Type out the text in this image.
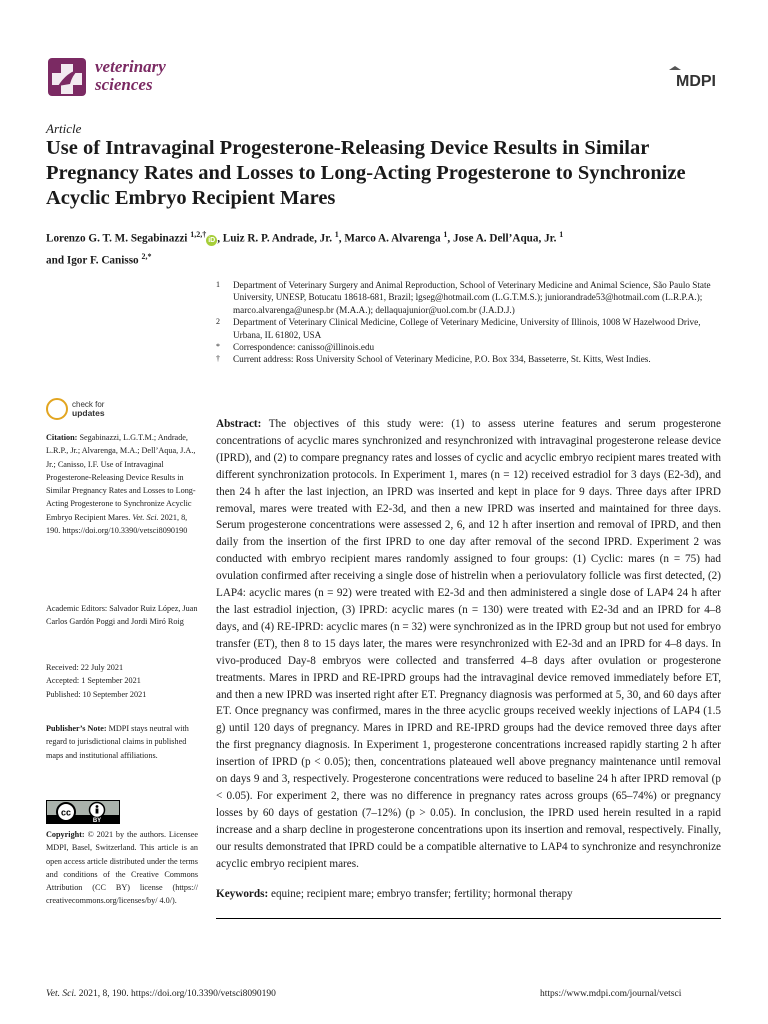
veterinary
sciences	MDPI
Article
Use of Intravaginal Progesterone-Releasing Device Results in Similar Pregnancy Rates and Losses to Long-Acting Progesterone to Synchronize Acyclic Embryo Recipient Mares
Lorenzo G. T. M. Segabinazzi $^{1,2,\dagger}$iD , Luiz R. P. Andrade, Jr. $^1$, Marco A. Alvarenga $^1$, Jose A. Dell’Aqua, Jr. $^1$
and Igor F. Canisso $^{2,*}$
1	Department of Veterinary Surgery and Animal Reproduction, School of Veterinary Medicine and Animal Science, São Paulo State University, UNESP, Botucatu 18618-681, Brazil; lgseg@hotmail.com (L.G.T.M.S.); juniorandrade53@hotmail.com (L.R.P.A.); marco.alvarenga@unesp.br (M.A.A.); dellaquajunior@uol.com.br (J.A.D.J.)
2	Department of Veterinary Clinical Medicine, College of Veterinary Medicine, University of Illinois, 1008 W Hazelwood Drive, Urbana, IL 61802, USA
*	Correspondence: canisso@illinois.edu
†	Current address: Ross University School of Veterinary Medicine, P.O. Box 334, Basseterre, St. Kitts, West Indies.
check for
updates
Citation: Segabinazzi, L.G.T.M.; Andrade, L.R.P., Jr.; Alvarenga, M.A.; Dell’Aqua, J.A., Jr.; Canisso, I.F. Use of Intravaginal Progesterone-Releasing Device Results in Similar Pregnancy Rates and Losses to Long-Acting Progesterone to Synchronize Acyclic Embryo Recipient Mares. Vet. Sci. 2021, 8, 190. https://doi.org/10.3390/vetsci8090190
Academic Editors: Salvador Ruiz López, Juan Carlos Gardón Poggi and Jordi Miró Roig
Received: 22 July 2021
Accepted: 1 September 2021
Published: 10 September 2021
Publisher’s Note: MDPI stays neutral with regard to jurisdictional claims in published maps and institutional affiliations.
cc
BY
Copyright: © 2021 by the authors. Licensee MDPI, Basel, Switzerland. This article is an open access article distributed under the terms and conditions of the Creative Commons Attribution (CC BY) license (https:// creativecommons.org/licenses/by/ 4.0/).
Abstract: The objectives of this study were: (1) to assess uterine features and serum progesterone concentrations of acyclic mares synchronized and resynchronized with intravaginal progesterone release device (IPRD), and (2) to compare pregnancy rates and losses of cyclic and acyclic embryo recipient mares treated with different synchronization protocols. In Experiment 1, mares (n = 12) received estradiol for 3 days (E2-3d), and then 24 h after the last injection, an IPRD was inserted and kept in place for 9 days. Three days after IPRD removal, mares were treated with E2-3d, and then a new IPRD was inserted and maintained for three days. Serum progesterone concentrations were assessed 2, 6, and 12 h after insertion and removal of IPRD, and then daily from the insertion of the first IPRD to one day after removal of the second IPRD. Experiment 2 was conducted with embryo recipient mares randomly assigned to four groups: (1) Cyclic: mares (n = 75) had ovulation confirmed after receiving a single dose of histrelin when a periovulatory follicle was first detected, (2) LAP4: acyclic mares (n = 92) were treated with E2-3d and then administered a single dose of LAP4 24 h after the last estradiol injection, (3) IPRD: acyclic mares (n = 130) were treated with E2-3d and an IPRD for 4–8 days, and (4) RE-IPRD: acyclic mares (n = 32) were synchronized as in the IPRD group but not used for embryo transfer (ET), then 8 to 15 days later, the mares were resynchronized with E2-3d and an IPRD for 4–8 days. In vivo-produced Day-8 embryos were collected and transferred 4–8 days after ovulation or progesterone treatments. Mares in IPRD and RE-IPRD groups had the intravaginal device removed immediately before ET, and then a new IPRD was inserted right after ET. Pregnancy diagnosis was performed at 5, 30, and 60 days after ET. Once pregnancy was confirmed, mares in the three acyclic groups received weekly injections of LAP4 (1.5 g) until 120 days of pregnancy. Mares in IPRD and RE-IPRD groups had the device removed three days after the first pregnancy diagnosis. In Experiment 1, progesterone concentrations increased rapidly starting 2 h after insertion of IPRD (p < 0.05); then, concentrations plateaued well above pregnancy maintenance until removal on days 9 and 3, respectively. Progesterone concentrations were reduced to baseline 24 h after IPRD removal (p < 0.05). For experiment 2, there was no difference in pregnancy rates across groups (65–74%) or pregnancy losses by 60 days of gestation (7–12%) (p > 0.05). In conclusion, the IPRD used herein resulted in a rapid increase and a sharp decline in progesterone concentrations upon its insertion and removal, respectively. Finally, our results demonstrated that IPRD could be a compatible alternative to LAP4 to synchronize and resynchronize acyclic embryo recipient mares.
Keywords: equine; recipient mare; embryo transfer; fertility; hormonal therapy
Vet. Sci. 2021, 8, 190. https://doi.org/10.3390/vetsci8090190	https://www.mdpi.com/journal/vetsci
